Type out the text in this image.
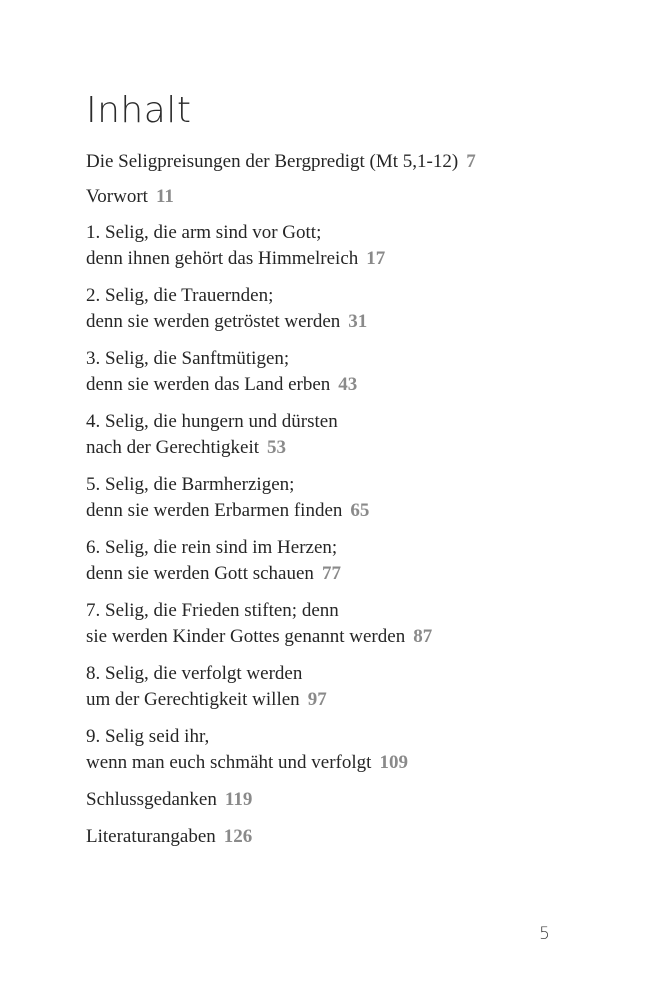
Inhalt
Die Seligpreisungen der Bergpredigt (Mt 5,1-12) 7
Vorwort 11
1. Selig, die arm sind vor Gott;
denn ihnen gehört das Himmelreich 17
2. Selig, die Trauernden;
denn sie werden getröstet werden 31
3. Selig, die Sanftmütigen;
denn sie werden das Land erben 43
4. Selig, die hungern und dürsten
nach der Gerechtigkeit 53
5. Selig, die Barmherzigen;
denn sie werden Erbarmen finden 65
6. Selig, die rein sind im Herzen;
denn sie werden Gott schauen 77
7. Selig, die Frieden stiften; denn
sie werden Kinder Gottes genannt werden 87
8. Selig, die verfolgt werden
um der Gerechtigkeit willen 97
9. Selig seid ihr,
wenn man euch schmäht und verfolgt 109
Schlussgedanken 119
Literaturangaben 126
5
